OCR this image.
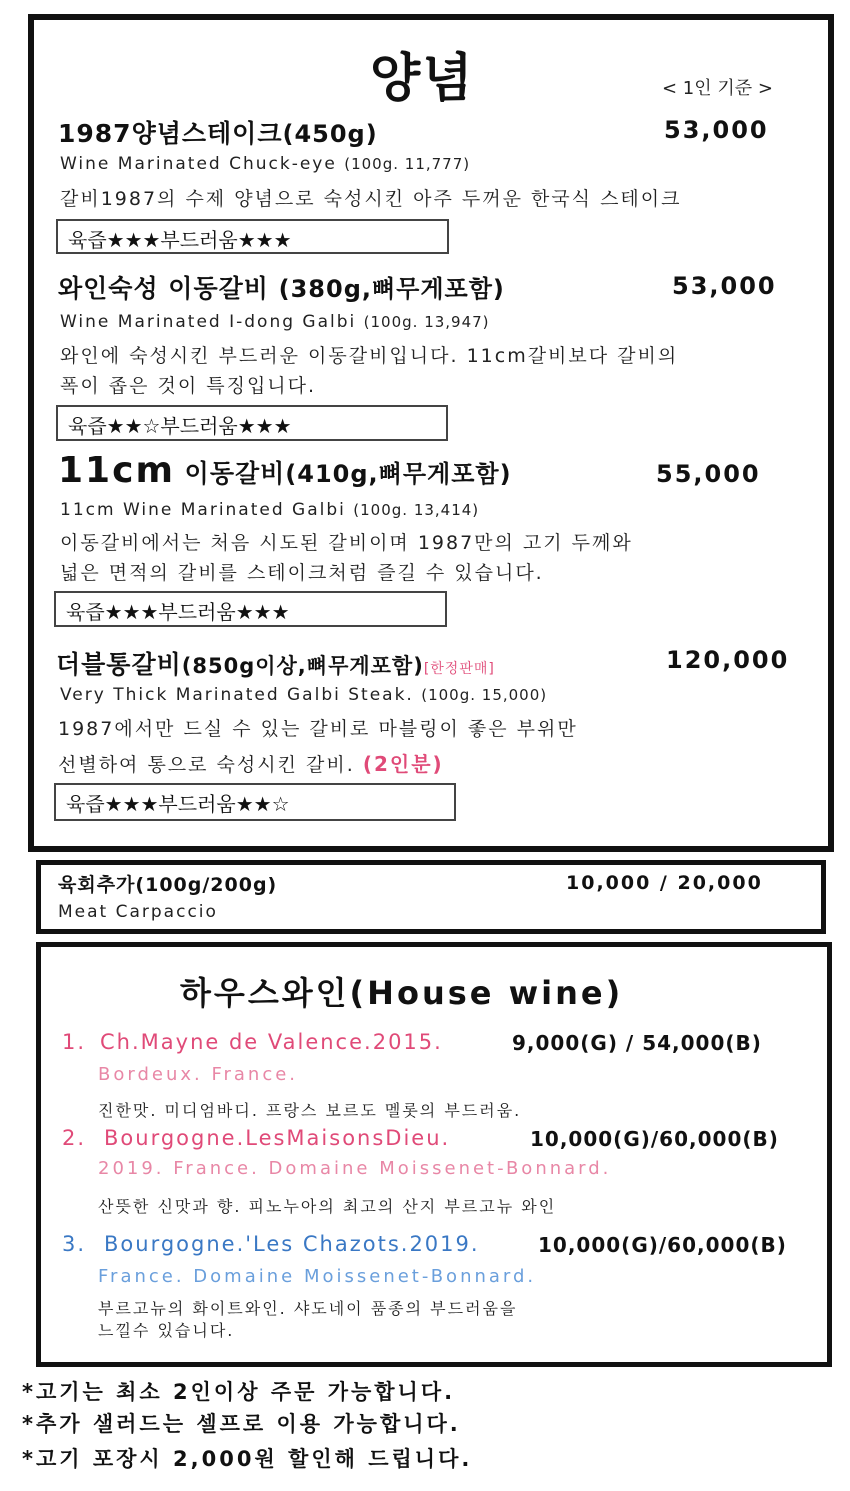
양념	< 1인 기준 >
1987양념스테이크(450g)	53,000
Wine Marinated Chuck-eye (100g. 11,777)
갈비1987의 수제 양념으로 숙성시킨 아주 두꺼운 한국식 스테이크
육즙★★★부드러움★★★
와인숙성 이동갈비 (380g,뼈무게포함)	53,000
Wine Marinated I-dong Galbi (100g. 13,947)
와인에 숙성시킨 부드러운 이동갈비입니다. 11cm갈비보다 갈비의
폭이 좁은 것이 특징입니다.
육즙★★☆부드러움★★★
11cm 이동갈비(410g,뼈무게포함)	55,000
11cm Wine Marinated Galbi (100g. 13,414)
이동갈비에서는 처음 시도된 갈비이며 1987만의 고기 두께와
넓은 면적의 갈비를 스테이크처럼 즐길 수 있습니다.
육즙★★★부드러움★★★
더블통갈비(850g이상,뼈무게포함)[한정판매]	120,000
Very Thick Marinated Galbi Steak. (100g. 15,000)
1987에서만 드실 수 있는 갈비로 마블링이 좋은 부위만
선별하여 통으로 숙성시킨 갈비. (2인분)
육즙★★★부드러움★★☆
육회추가(100g/200g)	10,000 / 20,000
Meat Carpaccio
하우스와인(House wine)
1. Ch.Mayne de Valence.2015.	9,000(G) / 54,000(B)
Bordeux. France.
진한맛. 미디엄바디. 프랑스 보르도 멜롯의 부드러움.
2. Bourgogne.LesMaisonsDieu.	10,000(G)/60,000(B)
2019. France. Domaine Moissenet-Bonnard.
산뜻한 신맛과 향. 피노누아의 최고의 산지 부르고뉴 와인
3. Bourgogne.'Les Chazots.2019.	10,000(G)/60,000(B)
France. Domaine Moissenet-Bonnard.
부르고뉴의 화이트와인. 샤도네이 품종의 부드러움을
느낄수 있습니다.
*고기는 최소 2인이상 주문 가능합니다.
*추가 샐러드는 셀프로 이용 가능합니다.
*고기 포장시 2,000원 할인해 드립니다.
